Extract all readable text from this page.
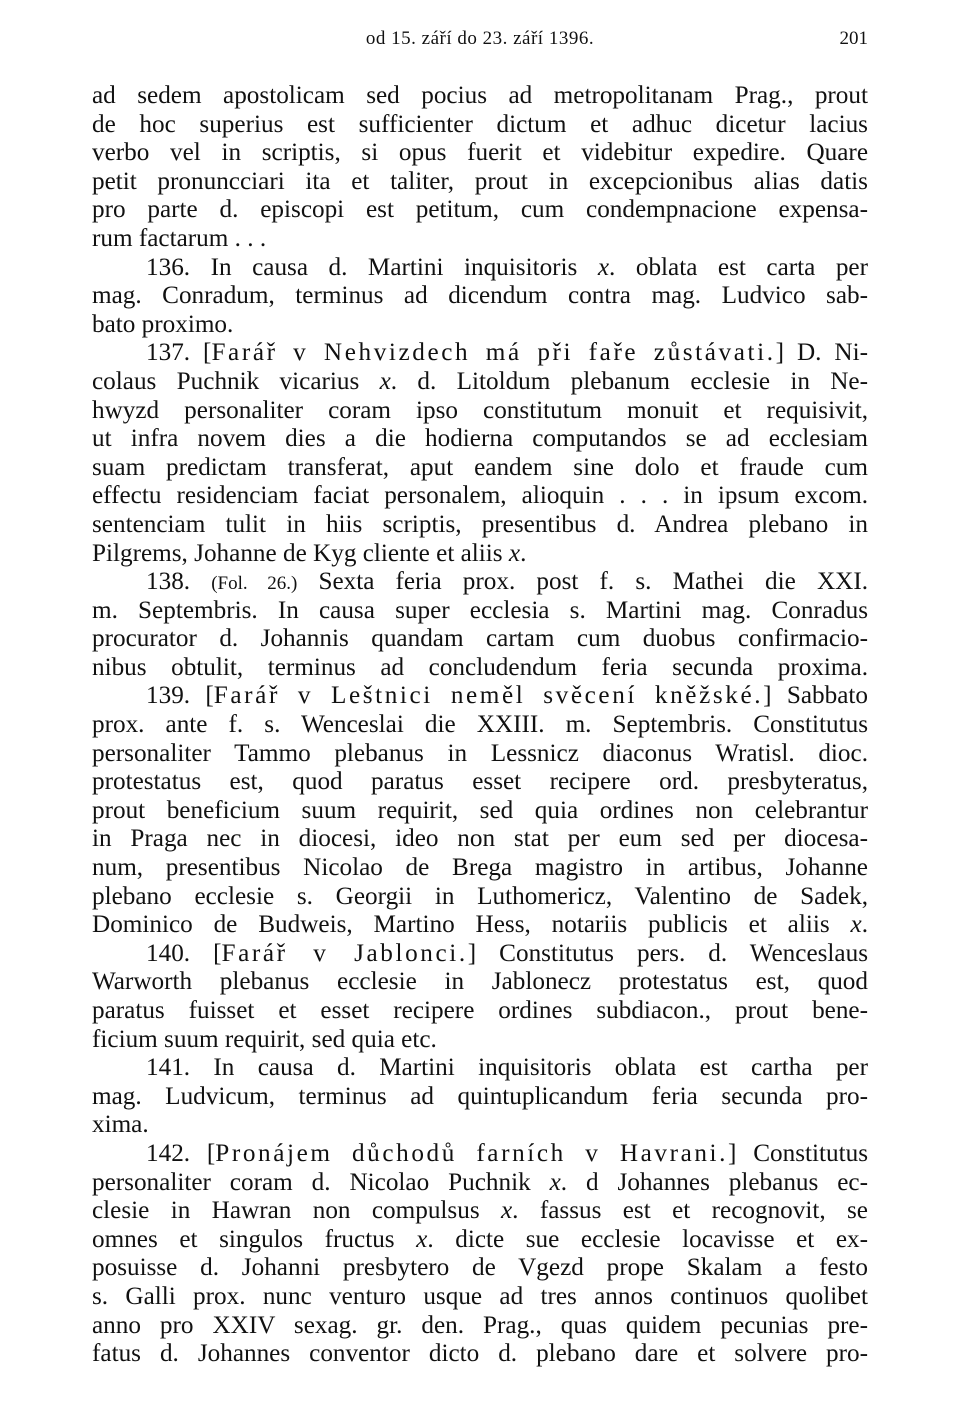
od 15. září do 23. září 1396.	201
ad sedem apostolicam sed pocius ad metropolitanam Prag., prout
de hoc superius est sufficienter dictum et adhuc dicetur lacius
verbo vel in scriptis, si opus fuerit et videbitur expedire. Quare
petit pronuncciari ita et taliter, prout in excepcionibus alias datis
pro parte d. episcopi est petitum, cum condempnacione expensa-
rum factarum . . .
136. In causa d. Martini inquisitoris x. oblata est carta per
mag. Conradum, terminus ad dicendum contra mag. Ludvico sab-
bato proximo.
137. [Farář v Nehvizdech má při faře zůstávati.] D. Ni-
colaus Puchnik vicarius x. d. Litoldum plebanum ecclesie in Ne-
hwyzd personaliter coram ipso constitutum monuit et requisivit,
ut infra novem dies a die hodierna computandos se ad ecclesiam
suam predictam transferat, aput eandem sine dolo et fraude cum
effectu residenciam faciat personalem, alioquin . . . in ipsum excom.
sentenciam tulit in hiis scriptis, presentibus d. Andrea plebano in
Pilgrems, Johanne de Kyg cliente et aliis x.
138. (Fol. 26.) Sexta feria prox. post f. s. Mathei die XXI.
m. Septembris. In causa super ecclesia s. Martini mag. Conradus
procurator d. Johannis quandam cartam cum duobus confirmacio-
nibus obtulit, terminus ad concludendum feria secunda proxima.
139. [Farář v Leštnici neměl svěcení kněžské.] Sabbato
prox. ante f. s. Wenceslai die XXIII. m. Septembris. Constitutus
personaliter Tammo plebanus in Lessnicz diaconus Wratisl. dioc.
protestatus est, quod paratus esset recipere ord. presbyteratus,
prout beneficium suum requirit, sed quia ordines non celebrantur
in Praga nec in diocesi, ideo non stat per eum sed per diocesa-
num, presentibus Nicolao de Brega magistro in artibus, Johanne
plebano ecclesie s. Georgii in Luthomericz, Valentino de Sadek,
Dominico de Budweis, Martino Hess, notariis publicis et aliis x.
140. [Farář v Jablonci.] Constitutus pers. d. Wenceslaus
Warworth plebanus ecclesie in Jablonecz protestatus est, quod
paratus fuisset et esset recipere ordines subdiacon., prout bene-
ficium suum requirit, sed quia etc.
141. In causa d. Martini inquisitoris oblata est cartha per
mag. Ludvicum, terminus ad quintuplicandum feria secunda pro-
xima.
142. [Pronájem důchodů farních v Havrani.] Constitutus
personaliter coram d. Nicolao Puchnik x. d Johannes plebanus ec-
clesie in Hawran non compulsus x. fassus est et recognovit, se
omnes et singulos fructus x. dicte sue ecclesie locavisse et ex-
posuisse d. Johanni presbytero de Vgezd prope Skalam a festo
s. Galli prox. nunc venturo usque ad tres annos continuos quolibet
anno pro XXIV sexag. gr. den. Prag., quas quidem pecunias pre-
fatus d. Johannes conventor dicto d. plebano dare et solvere pro-
